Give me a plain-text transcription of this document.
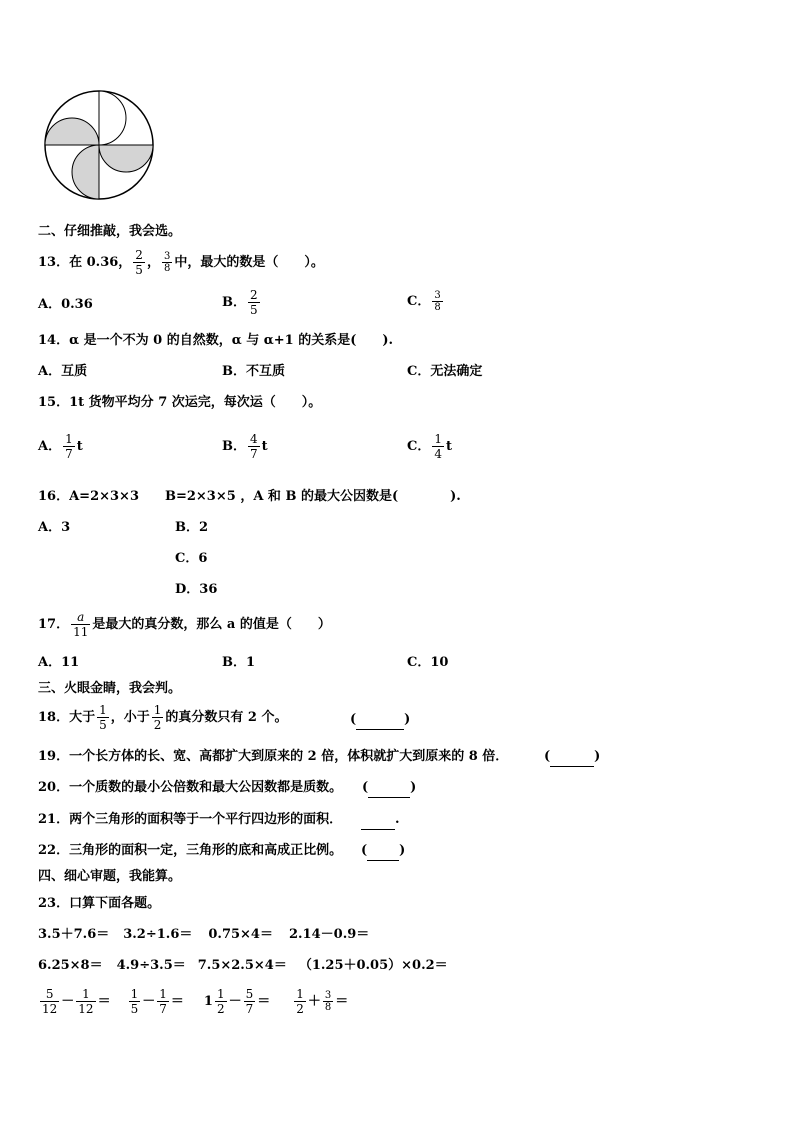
二、仔细推敲，我会选。
13．在 0.36， $\frac{2}{5}$ ， $\frac{3}{8}$ 中，最大的数是（　　）。
A．0.36	B． $\frac{2}{5}$	C． $\frac{3}{8}$
14．α 是一个不为 0 的自然数，α 与 α+1 的关系是(　　).
A．互质	B．不互质	C．无法确定
15．1t 货物平均分 7 次运完，每次运（　　）。
A． $\frac{1}{7}$ t	B． $\frac{4}{7}$ t	C． $\frac{1}{4}$ t
16．A=2×3×3　　B=2×3×5 ，A 和 B 的最大公因数是(　　　　).
A．3	B．2
C．6
D．36
17． $\frac{a}{11}$ 是最大的真分数，那么 a 的值是（　　）
A．11	B．1	C．10
三、火眼金睛，我会判。
18．大于 $\frac{1}{5}$ ，小于 $\frac{1}{2}$ 的真分数只有 2 个。	(	)
19．一个长方体的长、宽、高都扩大到原来的 2 倍，体积就扩大到原来的 8 倍．	(	)
20．一个质数的最小公倍数和最大公因数都是质数。 (	)
21．两个三角形的面积等于一个平行四边形的面积．	.
22．三角形的面积一定，三角形的底和高成正比例。 ( )
四、细心审题，我能算。
23．口算下面各题。
3.5＋7.6＝ 3.2÷1.6＝ 0.75×4＝ 2.14－0.9＝
6.25×8＝ 4.9÷3.5＝ 7.5×2.5×4＝ （1.25＋0.05）×0.2＝
$\frac{5}{12} - \frac{1}{12} = \frac{1}{5} - \frac{1}{7} = 1 \frac{1}{2} - \frac{5}{7} = \frac{1}{2} + \frac{3}{8}$ ＝
